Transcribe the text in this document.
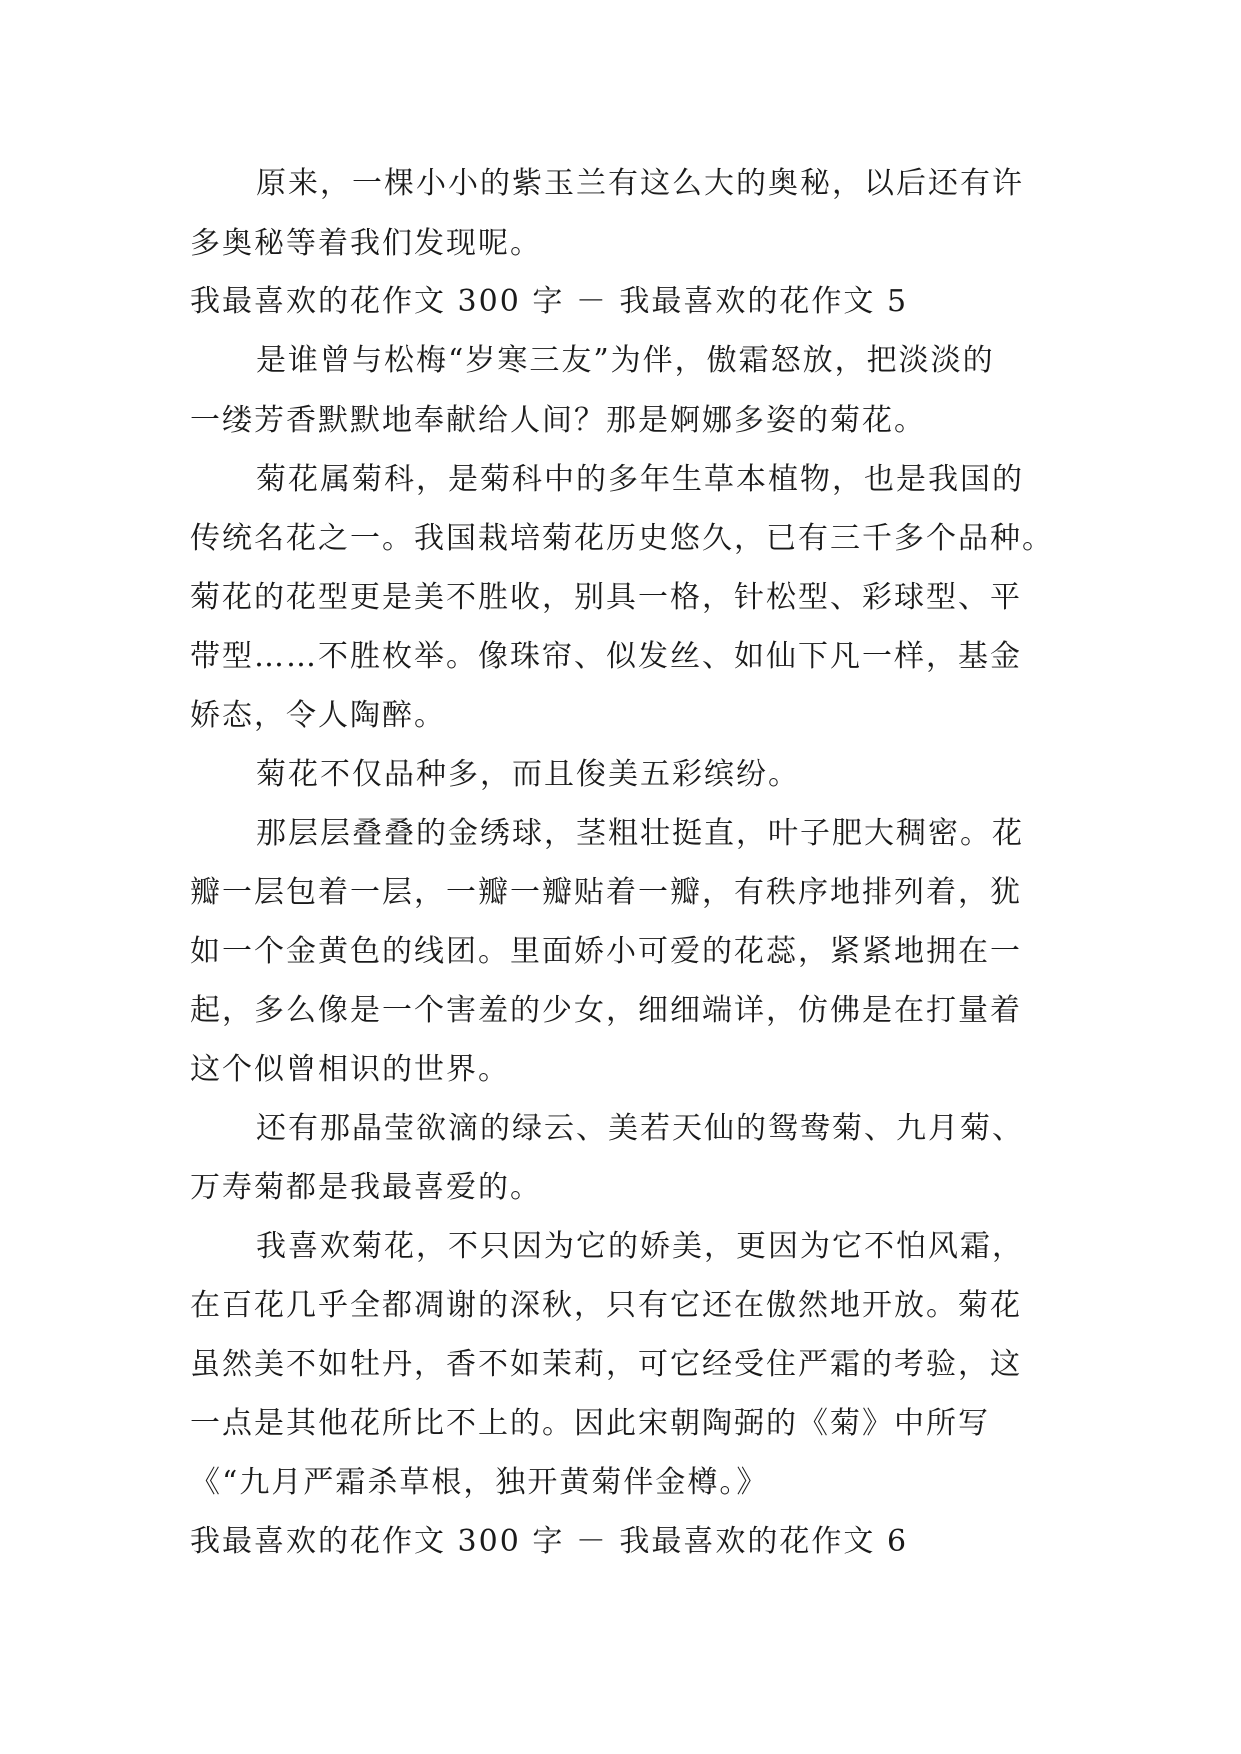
原来，一棵小小的紫玉兰有这么大的奥秘，以后还有许

多奥秘等着我们发现呢。

我最喜欢的花作文 300 字 － 我最喜欢的花作文 5

是谁曾与松梅“岁寒三友”为伴，傲霜怒放，把淡淡的

一缕芳香默默地奉献给人间？那是婀娜多姿的菊花。

菊花属菊科，是菊科中的多年生草本植物，也是我国的

传统名花之一。我国栽培菊花历史悠久，已有三千多个品种。

菊花的花型更是美不胜收，别具一格，针松型、彩球型、平

带型……不胜枚举。像珠帘、似发丝、如仙下凡一样，基金

娇态，令人陶醉。

菊花不仅品种多，而且俊美五彩缤纷。

那层层叠叠的金绣球，茎粗壮挺直，叶子肥大稠密。花

瓣一层包着一层，一瓣一瓣贴着一瓣，有秩序地排列着，犹

如一个金黄色的线团。里面娇小可爱的花蕊，紧紧地拥在一

起，多么像是一个害羞的少女，细细端详，仿佛是在打量着

这个似曾相识的世界。

还有那晶莹欲滴的绿云、美若天仙的鸳鸯菊、九月菊、

万寿菊都是我最喜爱的。

我喜欢菊花，不只因为它的娇美，更因为它不怕风霜，

在百花几乎全都凋谢的深秋，只有它还在傲然地开放。菊花

虽然美不如牡丹，香不如茉莉，可它经受住严霜的考验，这

一点是其他花所比不上的。因此宋朝陶弼的《菊》中所写

《“九月严霜杀草根，独开黄菊伴金樽。》

我最喜欢的花作文 300 字 － 我最喜欢的花作文 6
